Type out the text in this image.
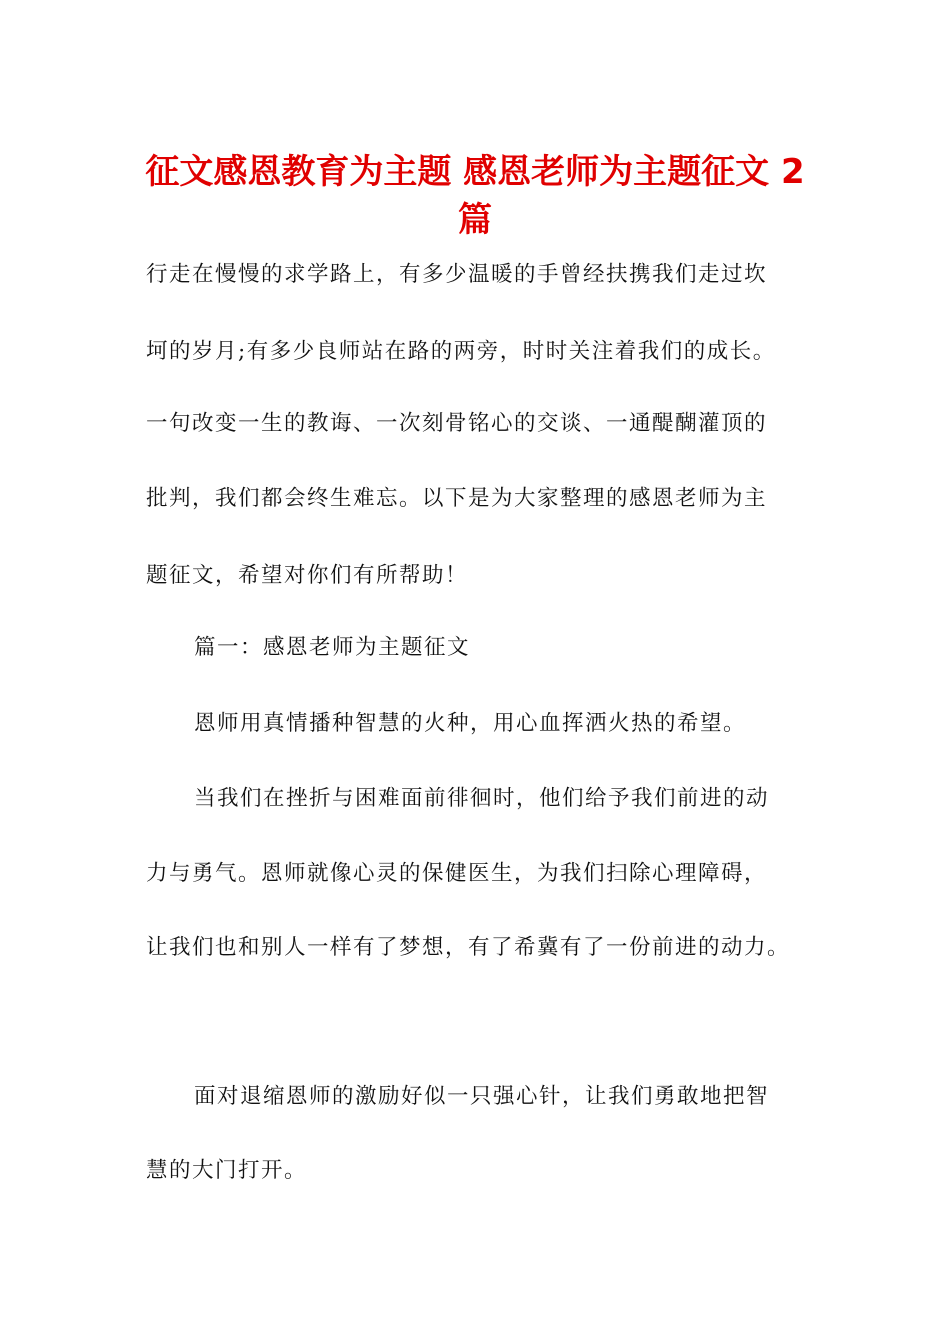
征文感恩教育为主题 感恩老师为主题征文 2
篇
行走在慢慢的求学路上，有多少温暖的手曾经扶携我们走过坎
坷的岁月;有多少良师站在路的两旁，时时关注着我们的成长。
一句改变一生的教诲、一次刻骨铭心的交谈、一通醍醐灌顶的
批判，我们都会终生难忘。以下是为大家整理的感恩老师为主
题征文，希望对你们有所帮助！
篇一：感恩老师为主题征文
恩师用真情播种智慧的火种，用心血挥洒火热的希望。
当我们在挫折与困难面前徘徊时，他们给予我们前进的动
力与勇气。恩师就像心灵的保健医生，为我们扫除心理障碍，
让我们也和别人一样有了梦想，有了希冀有了一份前进的动力。
面对退缩恩师的激励好似一只强心针，让我们勇敢地把智
慧的大门打开。
